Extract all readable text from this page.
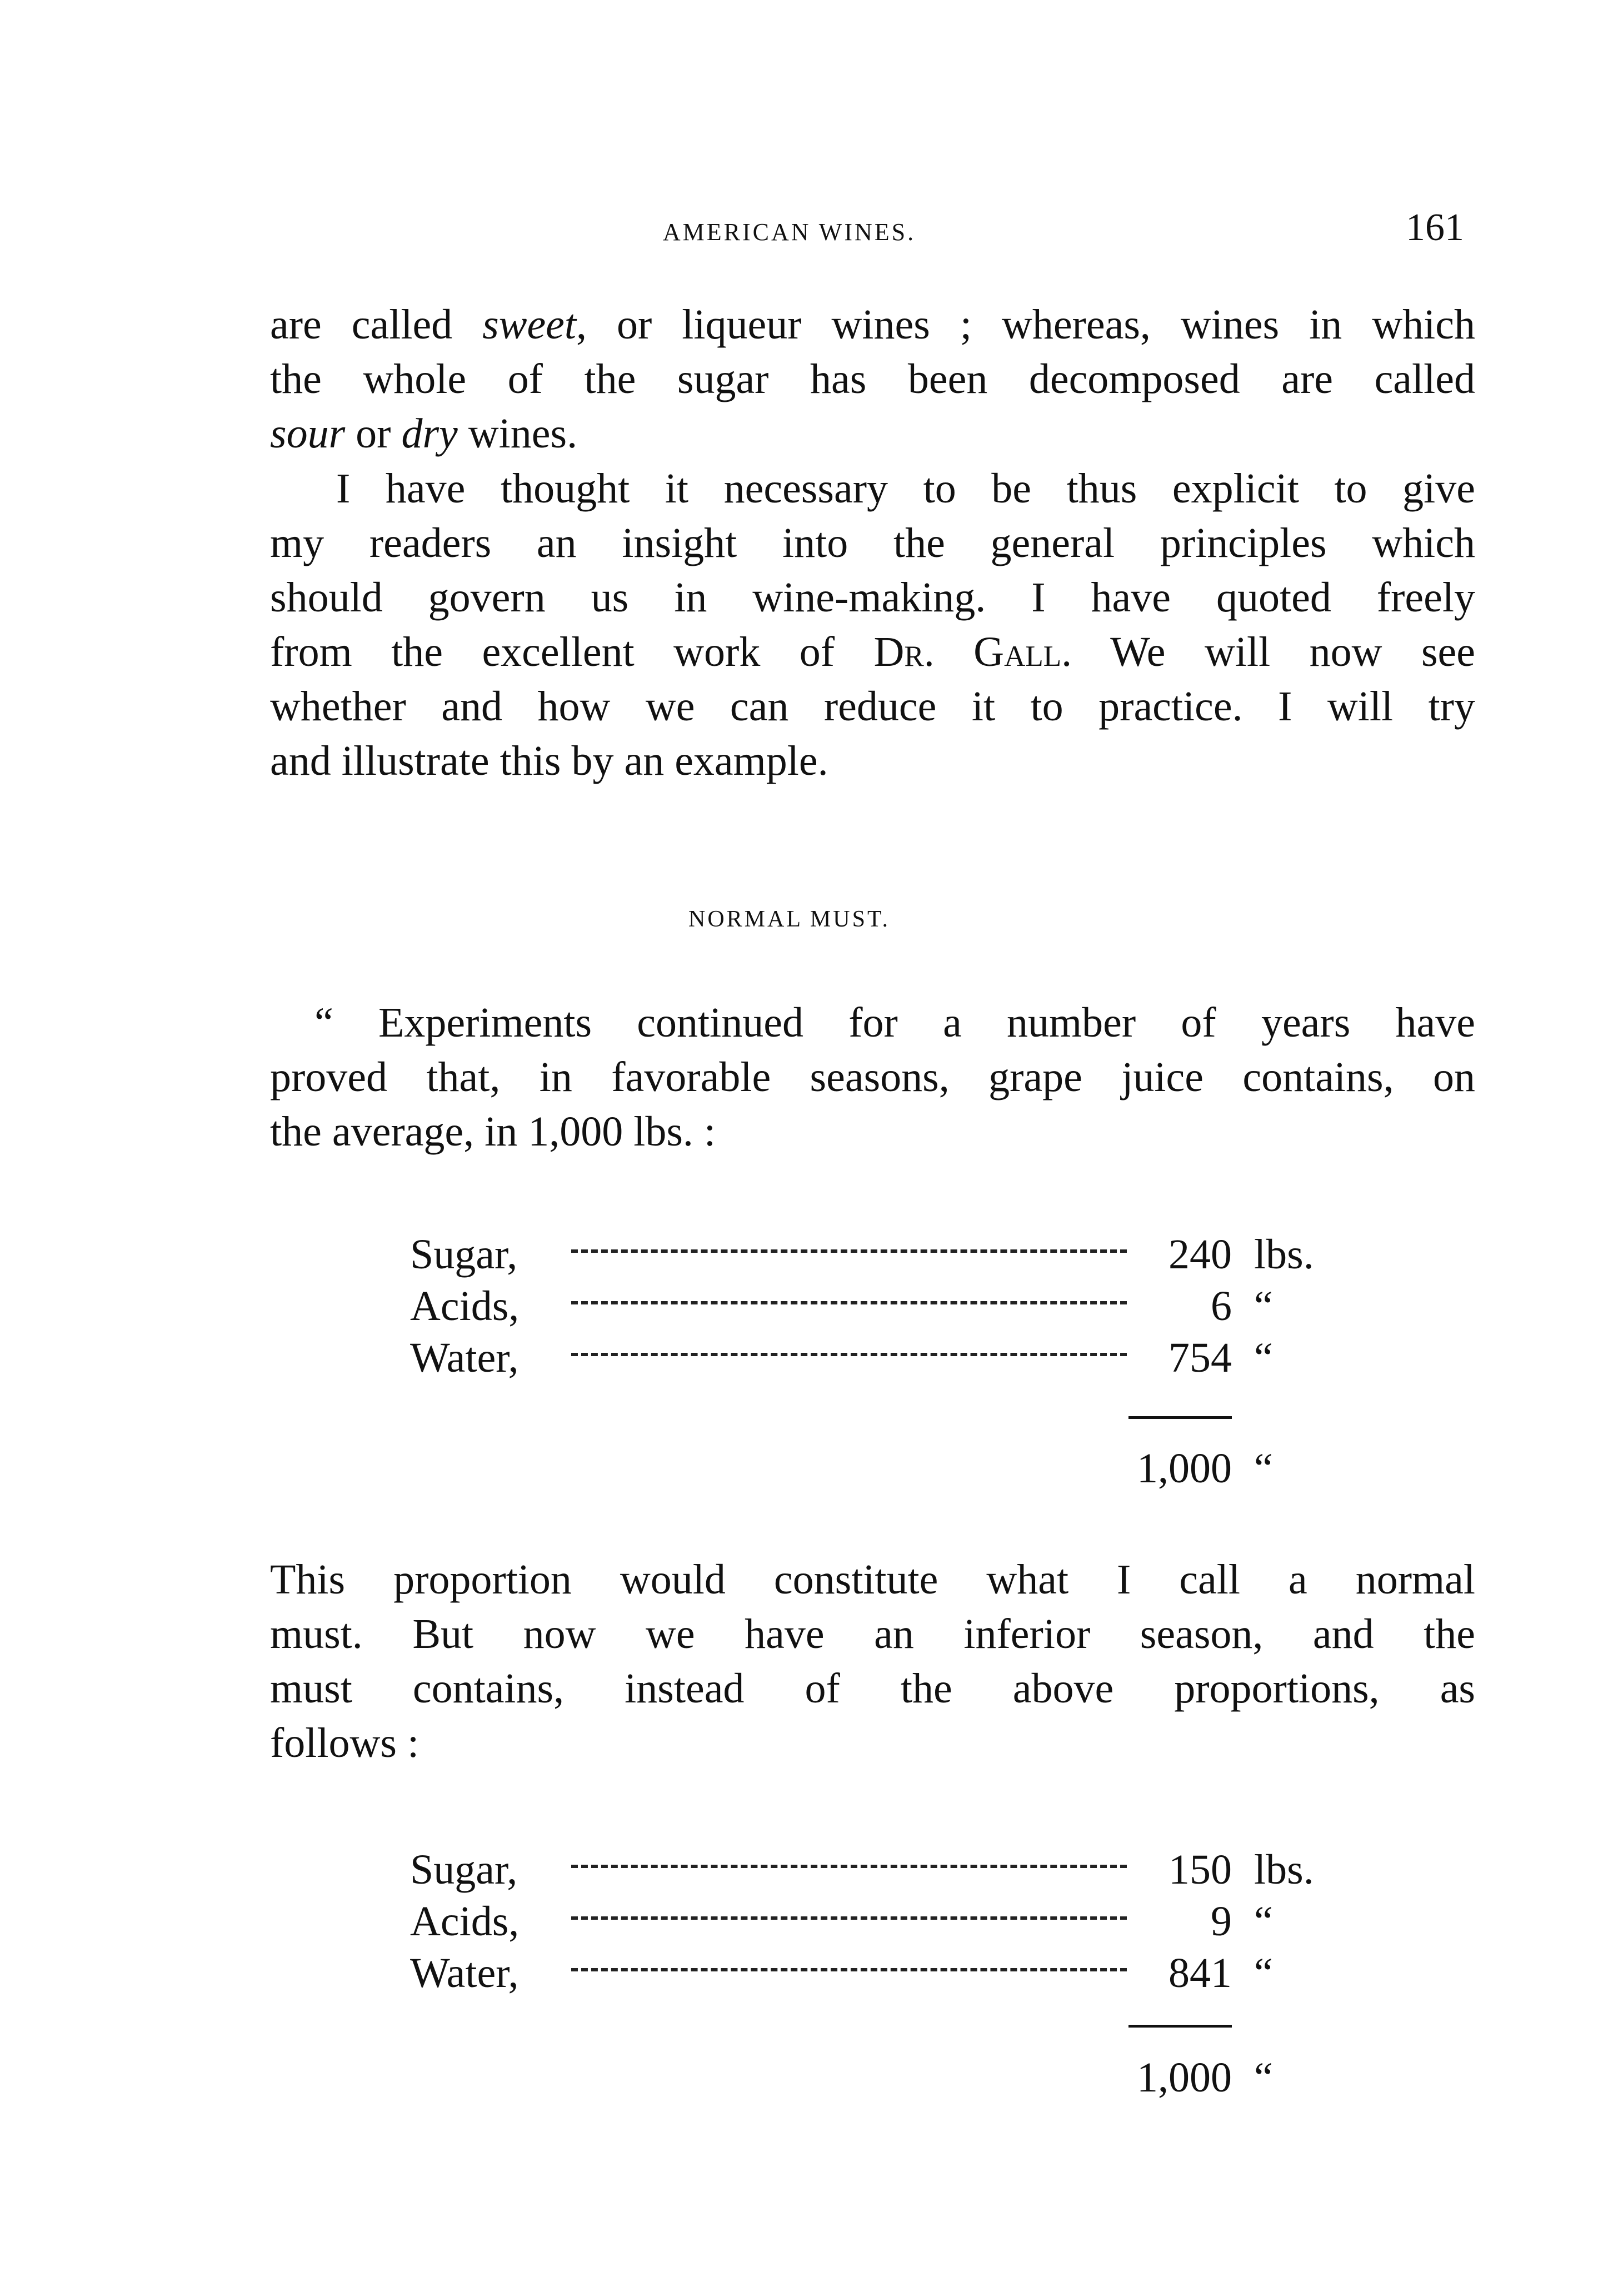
AMERICAN WINES.	161
are called sweet, or liqueur wines ; whereas, wines in which
the whole of the sugar has been decomposed are called
sour or dry wines.
I have thought it necessary to be thus explicit to give
my readers an insight into the general principles which
should govern us in wine-making. I have quoted freely
from the excellent work of Dr. Gall. We will now see
whether and how we can reduce it to practice. I will try
and illustrate this by an example.
“ Experiments continued for a number of years have
proved that, in favorable seasons, grape juice contains, on
the average, in 1,000 lbs. :
This proportion would constitute what I call a normal
must. But now we have an inferior season, and the
must contains, instead of the above proportions, as
follows :
Sugar,	240 lbs.
Acids,	6 “
Water,	754 “
1,000 “
Sugar,	150 lbs.
Acids,	9 “
Water,	841 “
1,000 “
NORMAL MUST.
